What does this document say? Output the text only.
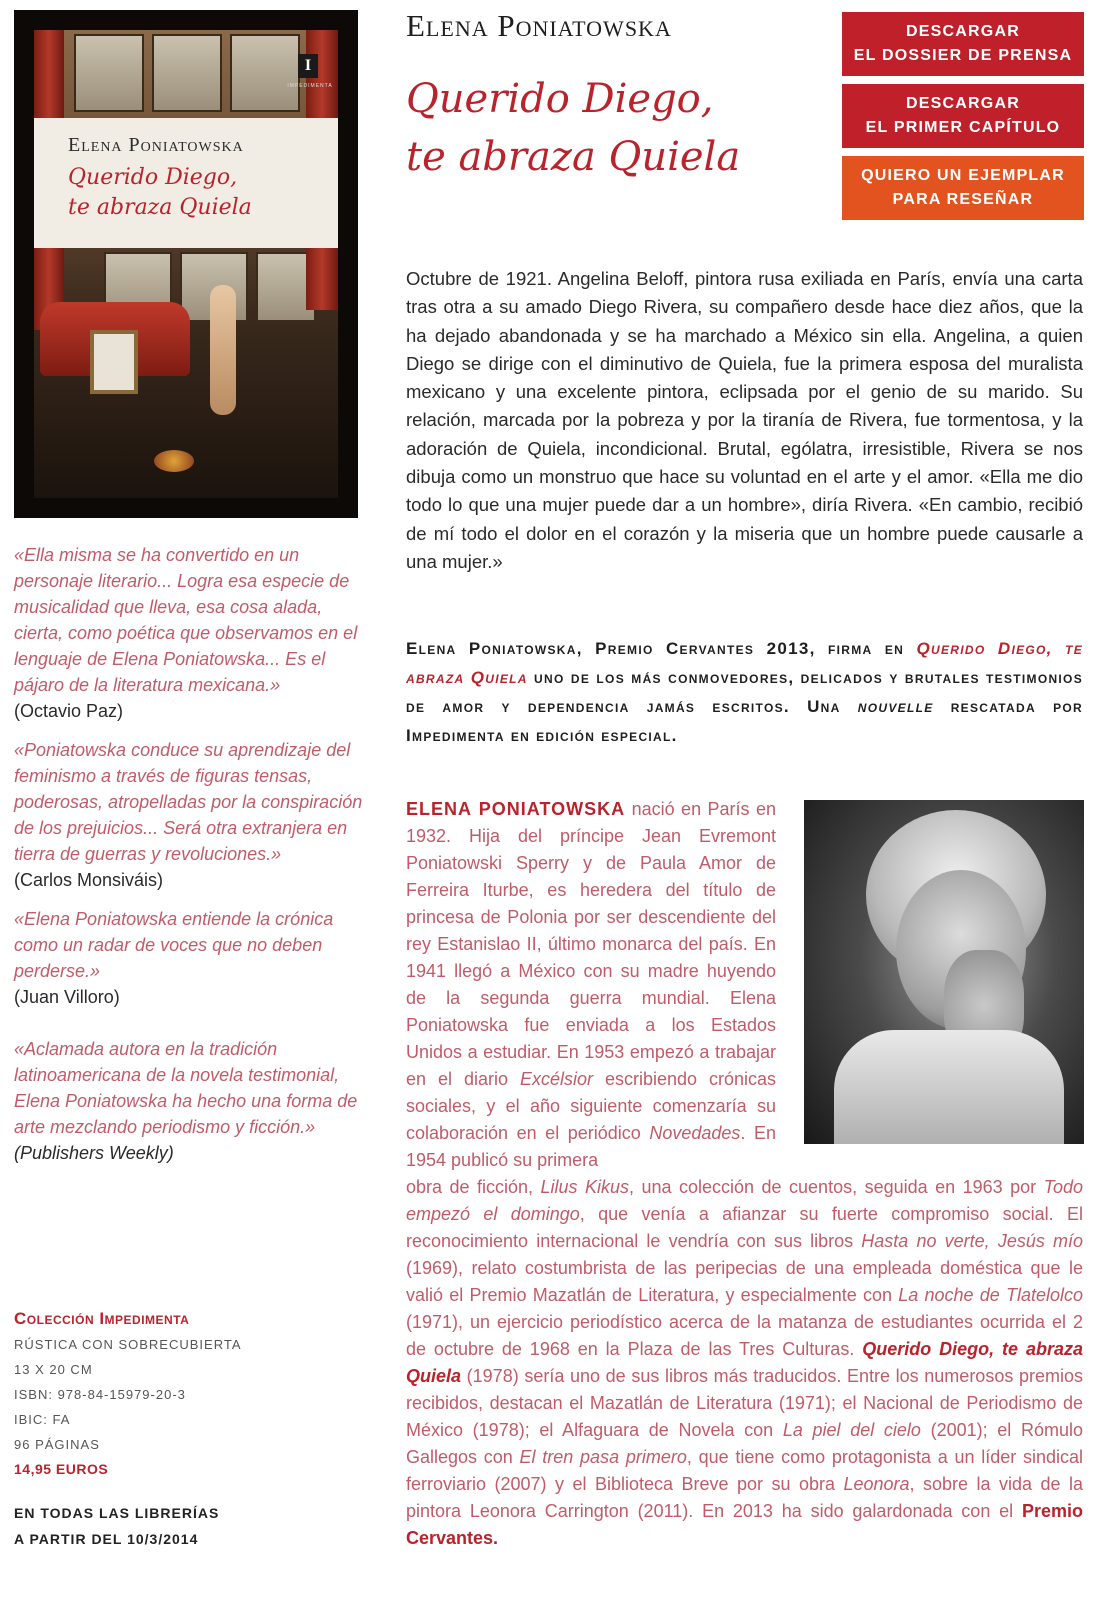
Elena Poniatowska
Querido Diego,
te abraza Quiela
I
IMPEDIMENTA
«Ella misma se ha convertido en un personaje literario... Logra esa especie de musicalidad que lleva, esa cosa alada, cierta, como poética que observamos en el lenguaje de Elena Poniatowska... Es el pájaro de la literatura mexicana.»
(Octavio Paz)
«Poniatowska conduce su aprendizaje del feminismo a través de figuras tensas, poderosas, atropelladas por la conspiración de los prejuicios... Será otra extranjera en tierra de guerras y revoluciones.»
(Carlos Monsiváis)
«Elena Poniatowska entiende la crónica como un radar de voces que no deben perderse.»
(Juan Villoro)
«Aclamada autora en la tradición latinoamericana de la novela testimonial, Elena Poniatowska ha hecho una forma de arte mezclando periodismo y ficción.»
(Publishers Weekly)
Colección Impedimenta
RÚSTICA CON SOBRECUBIERTA
13 X 20 CM
ISBN: 978-84-15979-20-3
IBIC: FA
96 PÁGINAS
14,95 EUROS
EN TODAS LAS LIBRERÍAS
A PARTIR DEL 10/3/2014
Elena Poniatowska
Querido Diego,
te abraza Quiela
DESCARGAR
EL DOSSIER DE PRENSA
DESCARGAR
EL PRIMER CAPÍTULO
QUIERO UN EJEMPLAR
PARA RESEÑAR

Octubre de 1921. Angelina Beloff, pintora rusa exiliada en París, envía una carta tras otra a su amado Diego Rivera, su compañero desde hace diez años, que la ha dejado abandonada y se ha marchado a México sin ella. Angelina, a quien Diego se dirige con el diminutivo de Quiela, fue la primera esposa del muralista mexicano y una excelente pintora, eclipsada por el genio de su marido. Su relación, marcada por la pobreza y por la tiranía de Rivera, fue tormentosa, y la adoración de Quiela, incondicional. Brutal, ególatra, irresistible, Rivera se nos dibuja como un monstruo que hace su voluntad en el arte y el amor. «Ella me dio todo lo que una mujer puede dar a un hombre», diría Rivera. «En cambio, recibió de mí todo el dolor en el corazón y la miseria que un hombre puede causarle a una mujer.»

Elena Poniatowska, Premio Cervantes 2013, firma en Querido Diego, te abraza Quiela uno de los más conmovedores, delicados y brutales testimonios de amor y dependencia jamás escritos. Una nouvelle rescatada por Impedimenta en edición especial.

ELENA PONIATOWSKA nació en París en 1932. Hija del príncipe Jean Evremont Poniatowski Sperry y de Paula Amor de Ferreira Iturbe, es heredera del título de princesa de Polonia por ser descendiente del rey Estanislao II, último monarca del país. En 1941 llegó a México con su madre huyendo de la segunda guerra mundial. Elena Poniatowska fue enviada a los Estados Unidos a estudiar. En 1953 empezó a trabajar en el diario Excélsior escribiendo crónicas sociales, y el año siguiente comenzaría su colaboración en el periódico Novedades. En 1954 publicó su primera

obra de ficción, Lilus Kikus, una colección de cuentos, seguida en 1963 por Todo empezó el domingo, que venía a afianzar su fuerte compromiso social. El reconocimiento internacional le vendría con sus libros Hasta no verte, Jesús mío (1969), relato costumbrista de las peripecias de una empleada doméstica que le valió el Premio Mazatlán de Literatura, y especialmente con La noche de Tlatelolco (1971), un ejercicio periodístico acerca de la matanza de estudiantes ocurrida el 2 de octubre de 1968 en la Plaza de las Tres Culturas. Querido Diego, te abraza Quiela (1978) sería uno de sus libros más traducidos. Entre los numerosos premios recibidos, destacan el Mazatlán de Literatura (1971); el Nacional de Periodismo de México (1978); el Alfaguara de Novela con La piel del cielo (2001); el Rómulo Gallegos con El tren pasa primero, que tiene como protagonista a un líder sindical ferroviario (2007) y el Biblioteca Breve por su obra Leonora, sobre la vida de la pintora Leonora Carrington (2011). En 2013 ha sido galardonada con el Premio Cervantes.
